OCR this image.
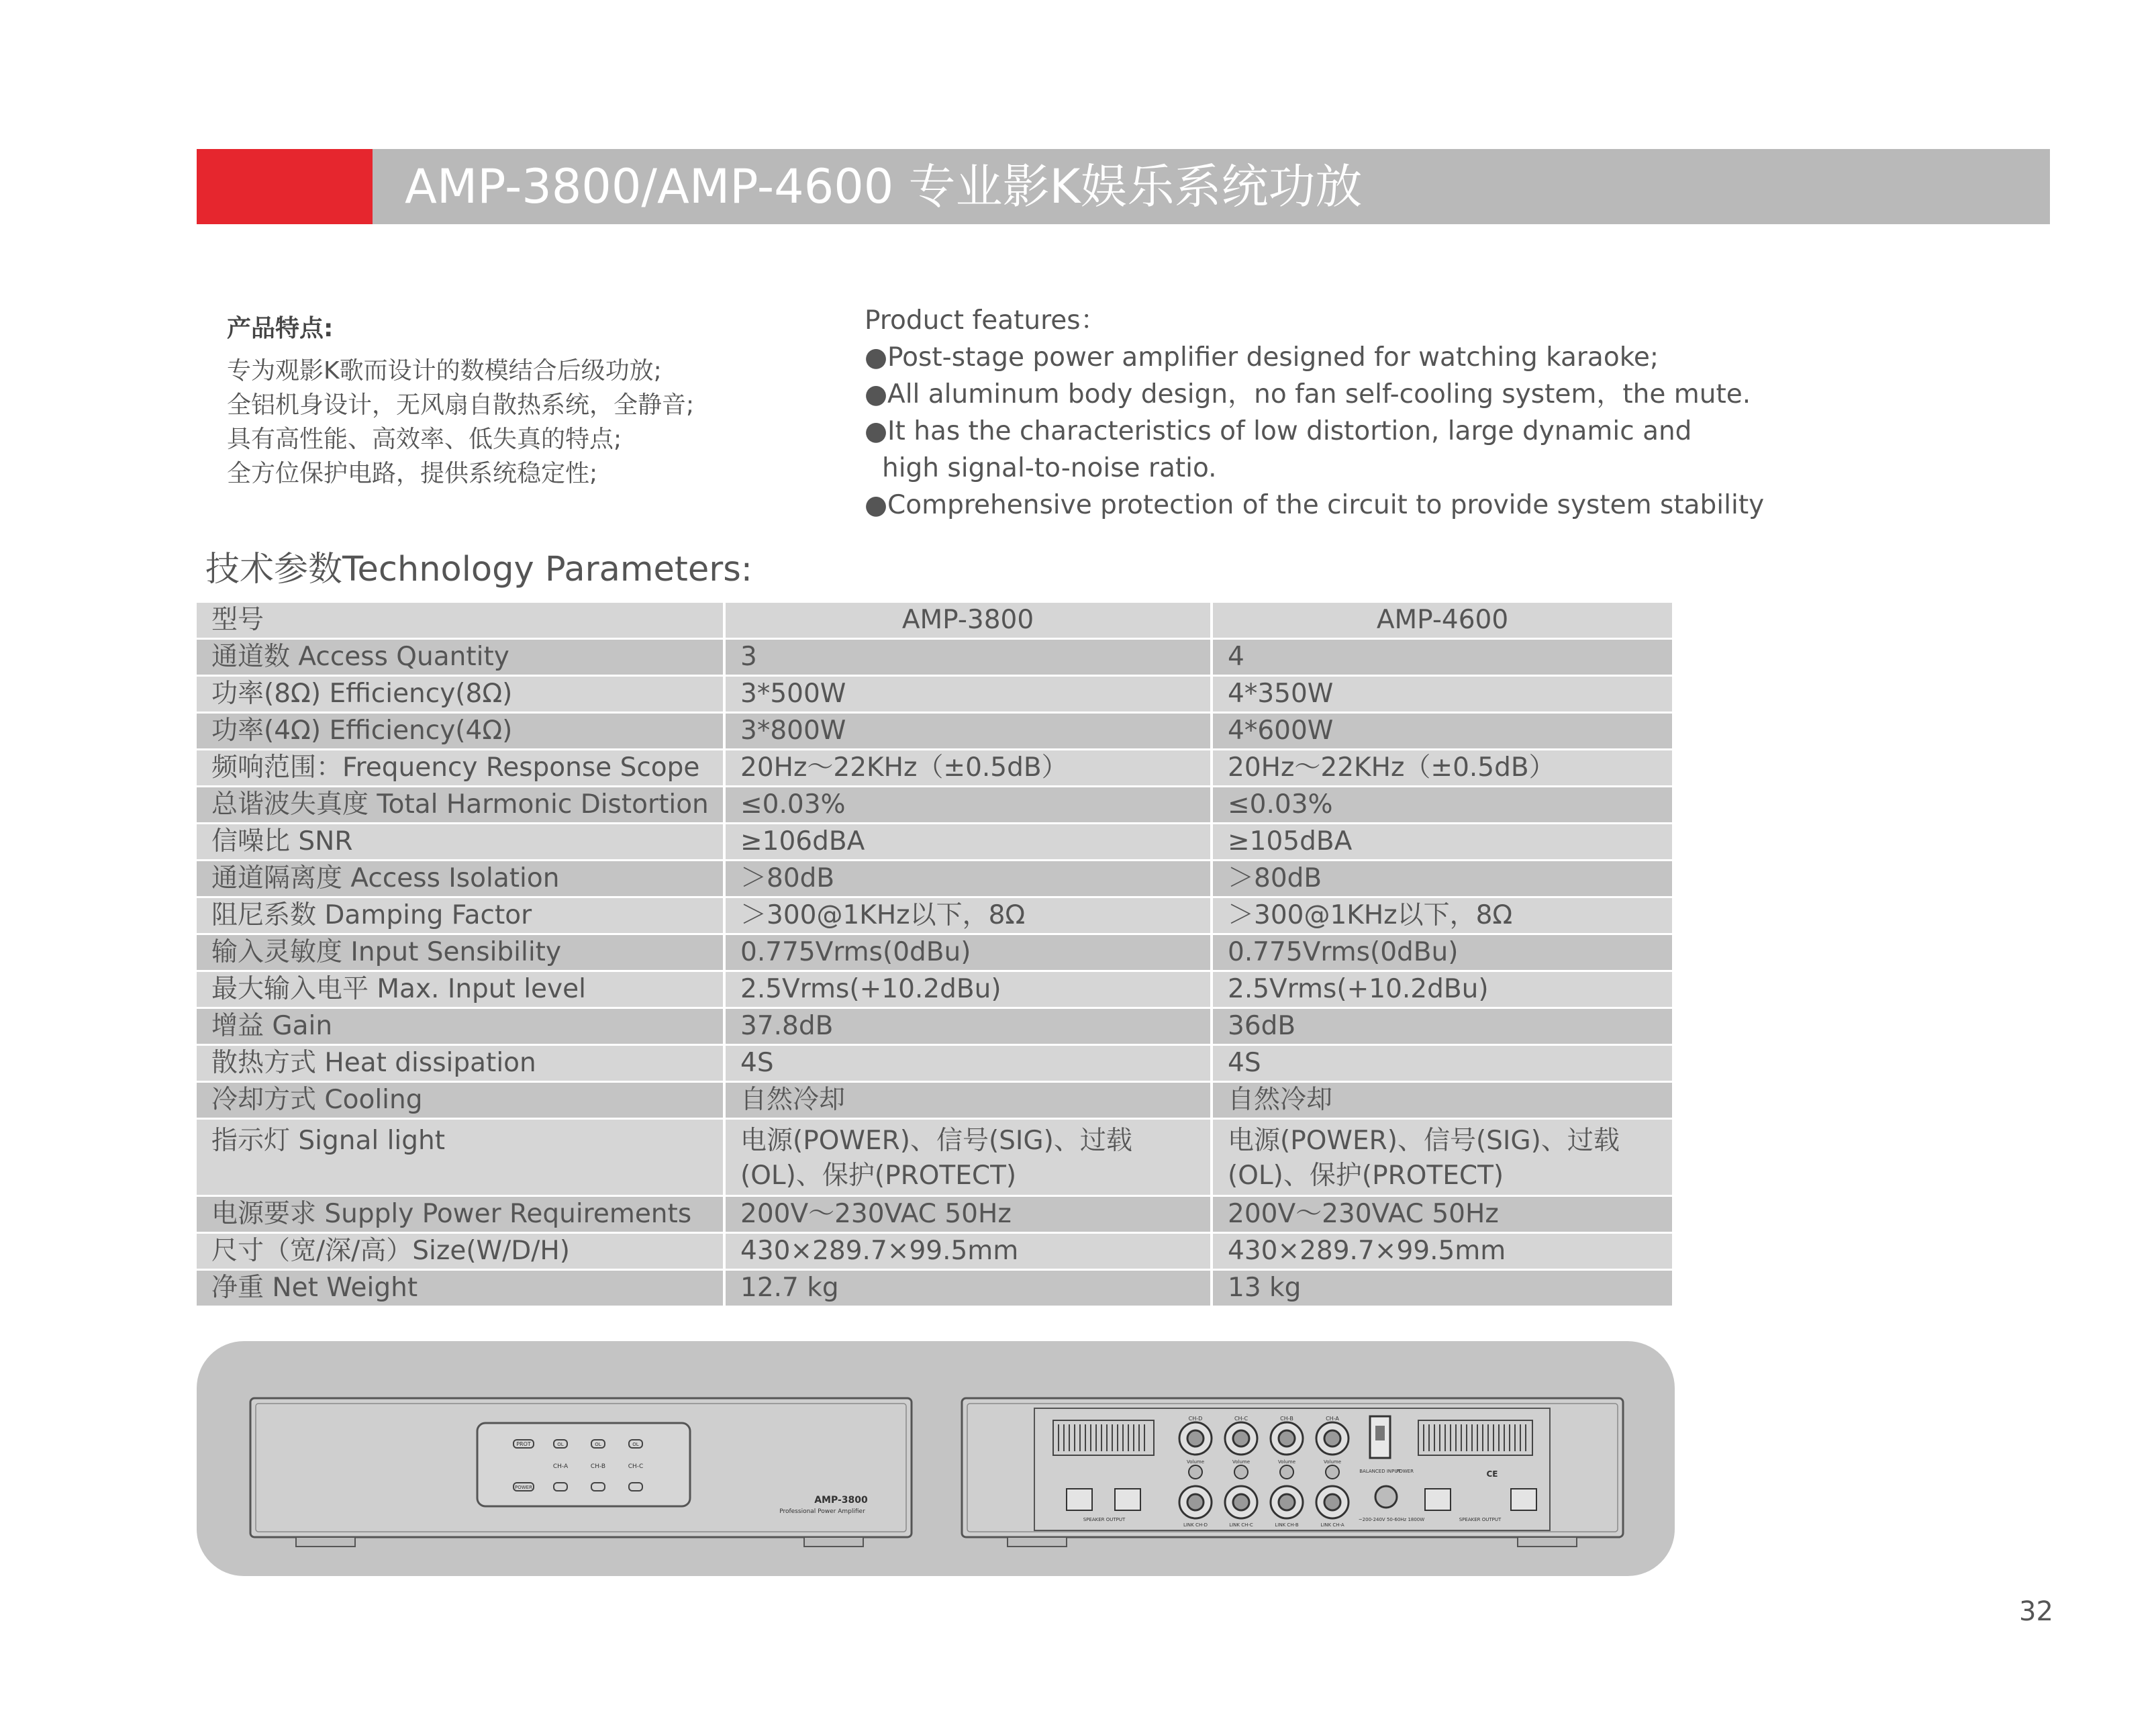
AMP-3800/AMP-4600 专业影K娱乐系统功放
产品特点:
专为观影K歌而设计的数模结合后级功放;
全铝机身设计，无风扇自散热系统，全静音;
具有高性能、高效率、低失真的特点;
全方位保护电路，提供系统稳定性;
Product features：
●Post-stage power amplifier designed for watching karaoke;
●All aluminum body design，no fan self-cooling system，the mute.
●It has the characteristics of low distortion, large dynamic and
high signal-to-noise ratio.
●Comprehensive protection of the circuit to provide system stability
技术参数Technology Parameters:
型号	AMP-3800	AMP-4600
通道数 Access Quantity	3	4
功率(8Ω) Efficiency(8Ω)	3*500W	4*350W
功率(4Ω) Efficiency(4Ω)	3*800W	4*600W
频响范围：Frequency Response Scope	20Hz～22KHz（±0.5dB）	20Hz～22KHz（±0.5dB）
总谐波失真度 Total Harmonic Distortion	≤0.03%	≤0.03%
信噪比 SNR	≥106dBA	≥105dBA
通道隔离度 Access Isolation	＞80dB	＞80dB
阻尼系数 Damping Factor	＞300@1KHz以下，8Ω	＞300@1KHz以下，8Ω
输入灵敏度 Input Sensibility	0.775Vrms(0dBu)	0.775Vrms(0dBu)
最大输入电平 Max. Input level	2.5Vrms(+10.2dBu)	2.5Vrms(+10.2dBu)
增益 Gain	37.8dB	36dB
散热方式 Heat dissipation	4S	4S
冷却方式 Cooling	自然冷却	自然冷却
指示灯 Signal light	电源(POWER)、信号(SIG)、过载(OL)、保护(PROTECT)	电源(POWER)、信号(SIG)、过载(OL)、保护(PROTECT)
电源要求 Supply Power Requirements	200V～230VAC 50Hz	200V～230VAC 50Hz
尺寸（宽/深/高）Size(W/D/H)	430×289.7×99.5mm	430×289.7×99.5mm
净重 Net Weight	12.7 kg	13 kg
PROT	OL	OL	OL
CH-A	CH-B	CH-C
POWER
AMP-3800
Professional Power Amplifier
CH-D	CH-C	CH-B	CH-A
Volume	Volume	Volume	Volume
LINK CH-D	LINK CH-C	LINK CH-B	LINK CH-A
BALANCED INPUT
POWER
~200-240V 50-60Hz 1800W
CE
SPEAKER OUTPUT	SPEAKER OUTPUT
32
